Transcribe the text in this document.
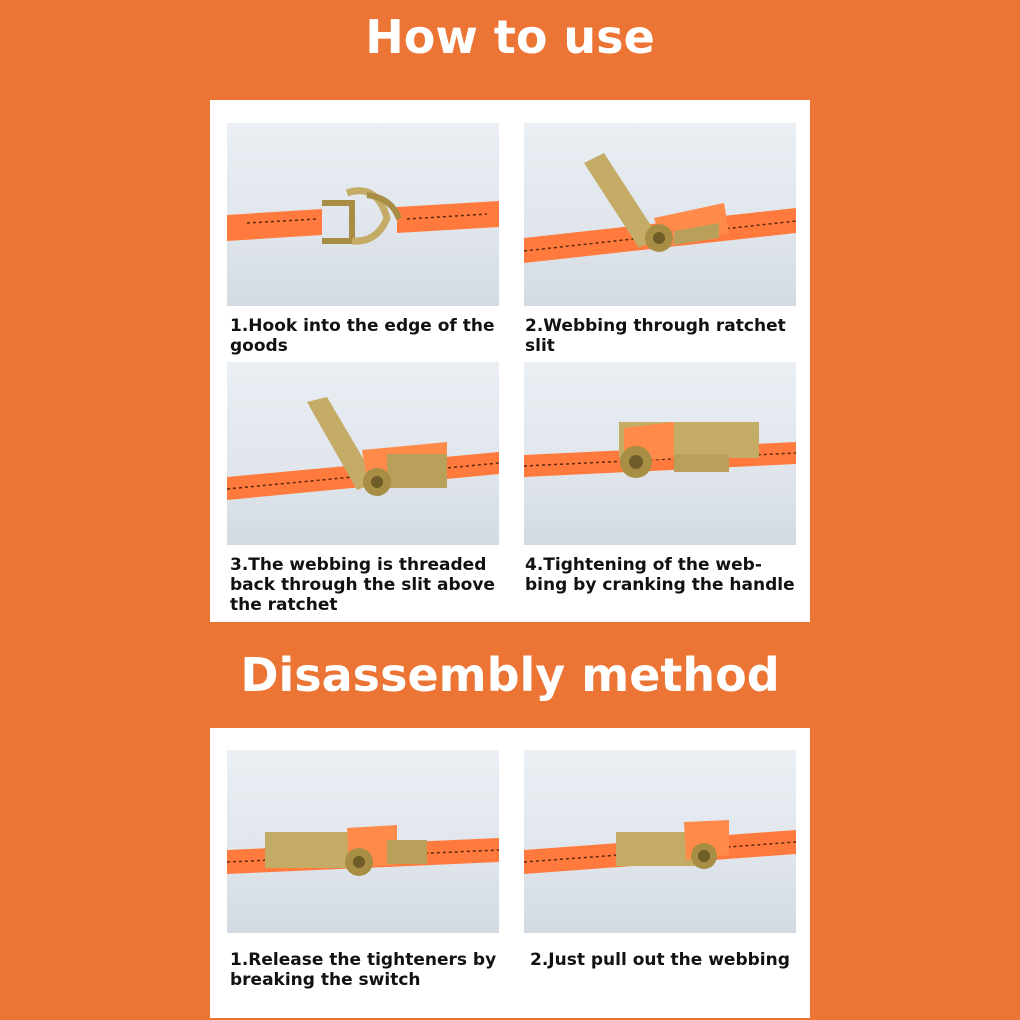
How to use

1.Hook into the edge of the goods

2.Webbing through ratchet slit

3.The webbing is threaded back through the slit above the ratchet

4.Tightening of the web-
bing by cranking the handle

Disassembly method

1.Release the tighteners by breaking the switch

2.Just pull out the webbing
